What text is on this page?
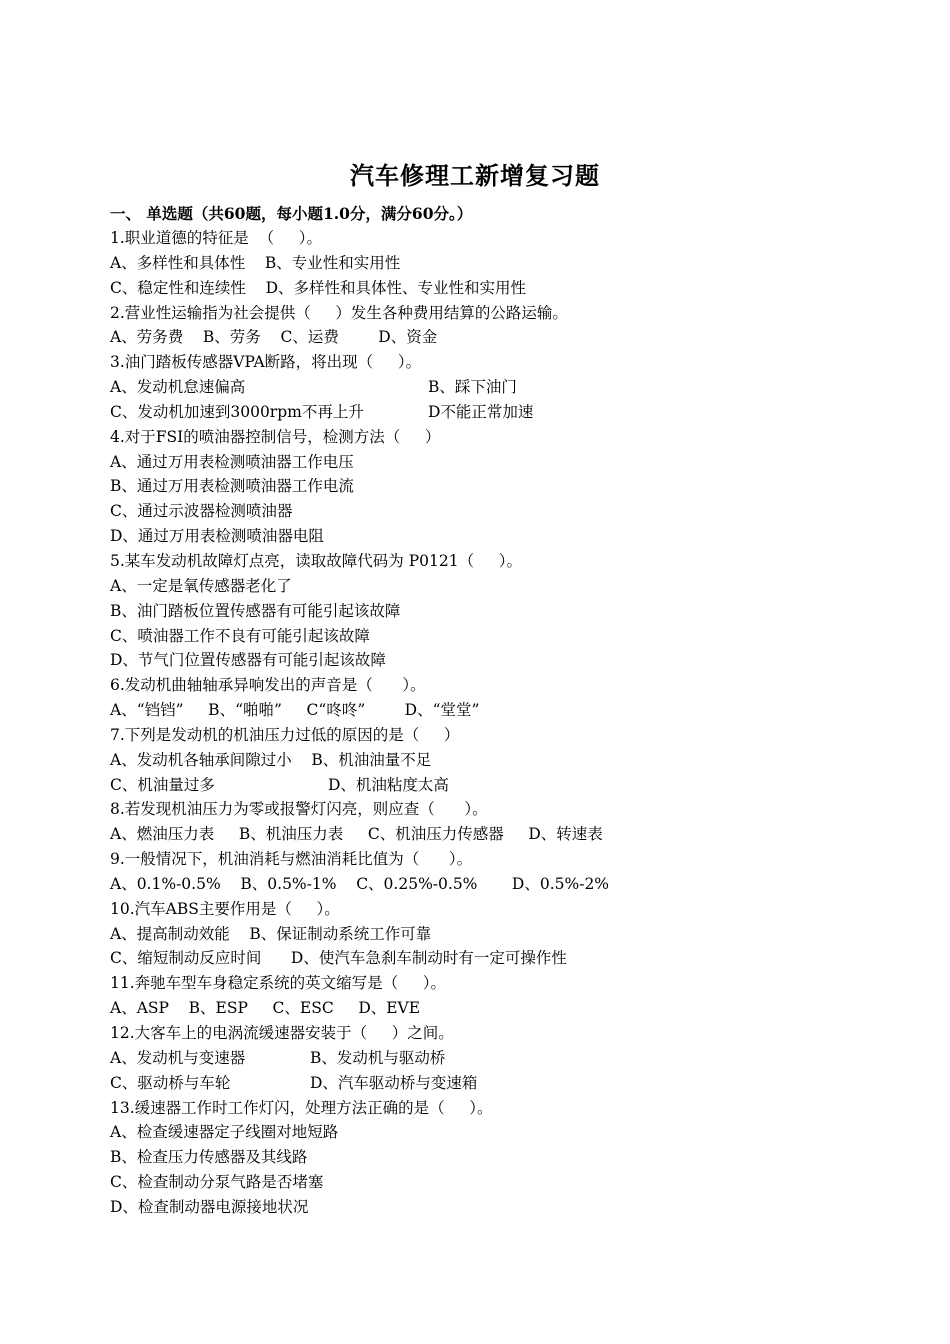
汽车修理工新增复习题
一、 单选题（共60题，每小题1.0分，满分60分。）
1.职业道德的特征是  （     ）。
A、多样性和具体性    B、专业性和实用性
C、稳定性和连续性    D、多样性和具体性、专业性和实用性
2.营业性运输指为社会提供（     ）发生各种费用结算的公路运输。
A、劳务费    B、劳务    C、运费        D、资金
3.油门踏板传感器VPA断路，将出现（     ）。
A、发动机怠速偏高	B、踩下油门
C、发动机加速到3000rpm不再上升	D不能正常加速
4.对于FSI的喷油器控制信号，检测方法（     ）
A、通过万用表检测喷油器工作电压
B、通过万用表检测喷油器工作电流
C、通过示波器检测喷油器
D、通过万用表检测喷油器电阻
5.某车发动机故障灯点亮，读取故障代码为 P0121（     ）。
A、一定是氧传感器老化了
B、油门踏板位置传感器有可能引起该故障
C、喷油器工作不良有可能引起该故障
D、节气门位置传感器有可能引起该故障
6.发动机曲轴轴承异响发出的声音是（      ）。
A、“铛铛”     B、“啪啪”     C“咚咚”        D、“堂堂”
7.下列是发动机的机油压力过低的原因的是（     ）
A、发动机各轴承间隙过小    B、机油油量不足
C、机油量过多	D、机油粘度太高
8.若发现机油压力为零或报警灯闪亮，则应查（      ）。
A、燃油压力表     B、机油压力表     C、机油压力传感器     D、转速表
9.一般情况下，机油消耗与燃油消耗比值为（      ）。
A、0.1%-0.5%    B、0.5%-1%    C、0.25%-0.5%       D、0.5%-2%
10.汽车ABS主要作用是（     ）。
A、提高制动效能    B、保证制动系统工作可靠
C、缩短制动反应时间      D、使汽车急刹车制动时有一定可操作性
11.奔驰车型车身稳定系统的英文缩写是（     ）。
A、ASP    B、ESP     C、ESC     D、EVE
12.大客车上的电涡流缓速器安装于（     ）之间。
A、发动机与变速器	B、发动机与驱动桥
C、驱动桥与车轮	D、汽车驱动桥与变速箱
13.缓速器工作时工作灯闪，处理方法正确的是（     ）。
A、检查缓速器定子线圈对地短路
B、检查压力传感器及其线路
C、检查制动分泵气路是否堵塞
D、检查制动器电源接地状况
